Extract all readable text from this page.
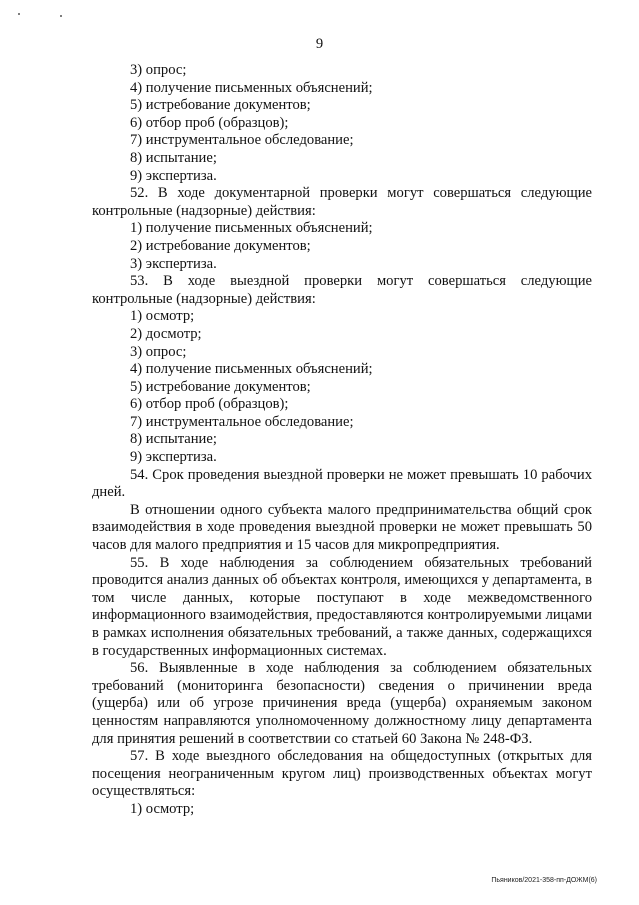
9
3) опрос;
4) получение письменных объяснений;
5) истребование документов;
6) отбор проб (образцов);
7) инструментальное обследование;
8) испытание;
9) экспертиза.

52. В ходе документарной проверки могут совершаться следующие контрольные (надзорные) действия:

1) получение письменных объяснений;
2) истребование документов;
3) экспертиза.

53. В ходе выездной проверки могут совершаться следующие контрольные (надзорные) действия:

1) осмотр;
2) досмотр;
3) опрос;
4) получение письменных объяснений;
5) истребование документов;
6) отбор проб (образцов);
7) инструментальное обследование;
8) испытание;
9) экспертиза.

54. Срок проведения выездной проверки не может превышать 10 рабочих дней.

В отношении одного субъекта малого предпринимательства общий срок взаимодействия в ходе проведения выездной проверки не может превышать 50 часов для малого предприятия и 15 часов для микропредприятия.

55. В ходе наблюдения за соблюдением обязательных требований проводится анализ данных об объектах контроля, имеющихся у департамента, в том числе данных, которые поступают в ходе межведомственного информационного взаимодействия, предоставляются контролируемыми лицами в рамках исполнения обязательных требований, а также данных, содержащихся в государственных информационных системах.

56. Выявленные в ходе наблюдения за соблюдением обязательных требований (мониторинга безопасности) сведения о причинении вреда (ущерба) или об угрозе причинения вреда (ущерба) охраняемым законом ценностям направляются уполномоченному должностному лицу департамента для принятия решений в соответствии со статьей 60 Закона № 248-ФЗ.

57. В ходе выездного обследования на общедоступных (открытых для посещения неограниченным кругом лиц) производственных объектах могут осуществляться:

1) осмотр;
Пьяников/2021-358-пп-ДОЖМ(6)
